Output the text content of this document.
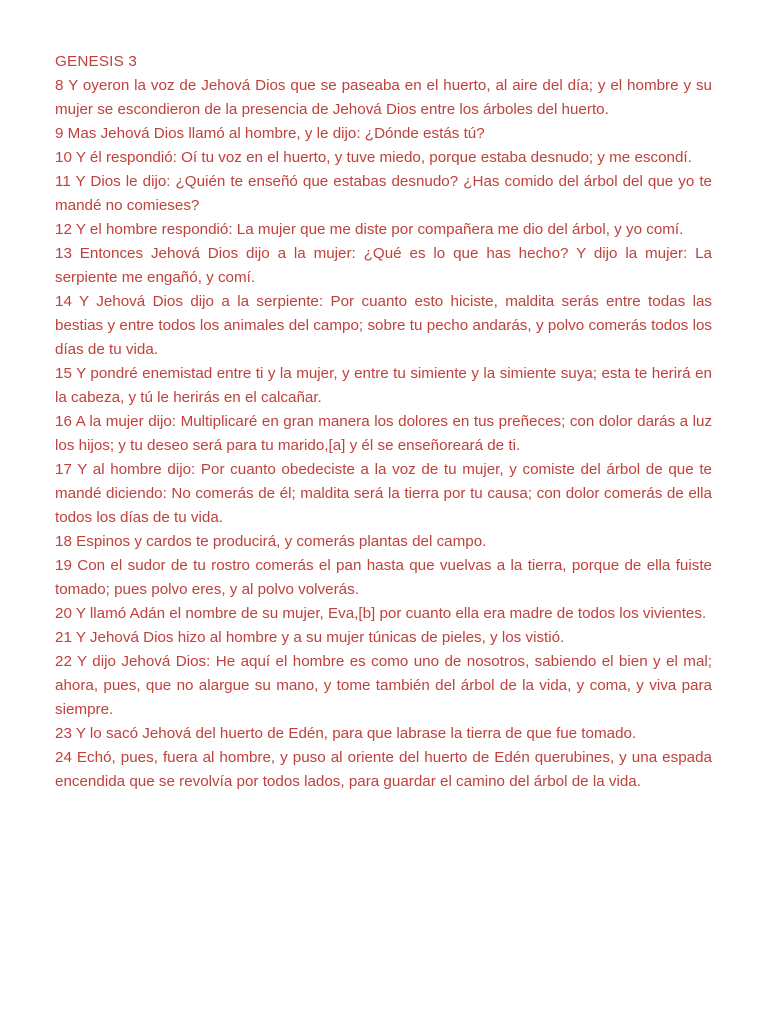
GENESIS 3

8 Y oyeron la voz de Jehová Dios que se paseaba en el huerto, al aire del día; y el hombre y su mujer se escondieron de la presencia de Jehová Dios entre los árboles del huerto.

9 Mas Jehová Dios llamó al hombre, y le dijo: ¿Dónde estás tú?

10 Y él respondió: Oí tu voz en el huerto, y tuve miedo, porque estaba desnudo; y me escondí.

11 Y Dios le dijo: ¿Quién te enseñó que estabas desnudo? ¿Has comido del árbol del que yo te mandé no comieses?

12 Y el hombre respondió: La mujer que me diste por compañera me dio del árbol, y yo comí.

13 Entonces Jehová Dios dijo a la mujer: ¿Qué es lo que has hecho? Y dijo la mujer: La serpiente me engañó, y comí.

14 Y Jehová Dios dijo a la serpiente: Por cuanto esto hiciste, maldita serás entre todas las bestias y entre todos los animales del campo; sobre tu pecho andarás, y polvo comerás todos los días de tu vida.

15 Y pondré enemistad entre ti y la mujer, y entre tu simiente y la simiente suya; esta te herirá en la cabeza, y tú le herirás en el calcañar.

16 A la mujer dijo: Multiplicaré en gran manera los dolores en tus preñeces; con dolor darás a luz los hijos; y tu deseo será para tu marido,[a] y él se enseñoreará de ti.

17 Y al hombre dijo: Por cuanto obedeciste a la voz de tu mujer, y comiste del árbol de que te mandé diciendo: No comerás de él; maldita será la tierra por tu causa; con dolor comerás de ella todos los días de tu vida.

18 Espinos y cardos te producirá, y comerás plantas del campo.

19 Con el sudor de tu rostro comerás el pan hasta que vuelvas a la tierra, porque de ella fuiste tomado; pues polvo eres, y al polvo volverás.

20 Y llamó Adán el nombre de su mujer, Eva,[b] por cuanto ella era madre de todos los vivientes.

21 Y Jehová Dios hizo al hombre y a su mujer túnicas de pieles, y los vistió.

22 Y dijo Jehová Dios: He aquí el hombre es como uno de nosotros, sabiendo el bien y el mal; ahora, pues, que no alargue su mano, y tome también del árbol de la vida, y coma, y viva para siempre.

23 Y lo sacó Jehová del huerto de Edén, para que labrase la tierra de que fue tomado.

24 Echó, pues, fuera al hombre, y puso al oriente del huerto de Edén querubines, y una espada encendida que se revolvía por todos lados, para guardar el camino del árbol de la vida.
